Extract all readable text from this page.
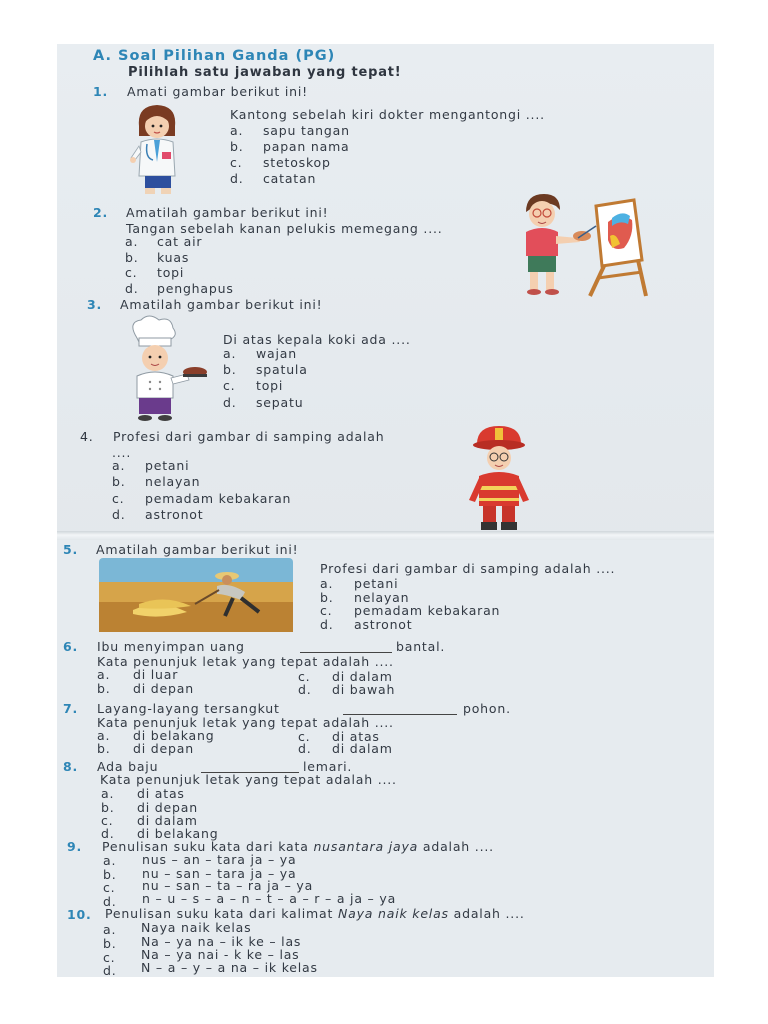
A. Soal Pilihan Ganda (PG)
Pilihlah satu jawaban yang tepat!
1. Amati gambar berikut ini!
Kantong sebelah kiri dokter mengantongi ....
a. sapu tangan
b. papan nama
c. stetoskop
d. catatan
2. Amatilah gambar berikut ini!
Tangan sebelah kanan pelukis memegang ....
a. cat air
b. kuas
c. topi
d. penghapus
3. Amatilah gambar berikut ini!
Di atas kepala koki ada ....
a. wajan
b. spatula
c. topi
d. sepatu
4. Profesi dari gambar di samping adalah
....
a. petani
b. nelayan
c. pemadam kebakaran
d. astronot
5. Amatilah gambar berikut ini!
Profesi dari gambar di samping adalah ....
a. petani
b. nelayan
c. pemadam kebakaran
d. astronot
6. Ibu menyimpan uang	bantal.
Kata penunjuk letak yang tepat adalah ....
a. di luar	c. di dalam
b. di depan	d. di bawah
7. Layang-layang tersangkut	pohon.
Kata penunjuk letak yang tepat adalah ....
a. di belakang	c. di atas
b. di depan	d. di dalam
8. Ada baju	lemari.
Kata penunjuk letak yang tepat adalah ....
a. di atas
b. di depan
c. di dalam
d. di belakang
9. Penulisan suku kata dari kata nusantara jaya adalah ....
a. nus – an – tara ja – ya
b. nu – san – tara ja – ya
c. nu – san – ta – ra ja – ya
d. n – u – s – a – n – t – a – r – a ja – ya
10. Penulisan suku kata dari kalimat Naya naik kelas adalah ....
a. Naya naik kelas
b. Na – ya na – ik ke – las
c. Na – ya nai - k ke – las
d. N – a – y – a na – ik kelas
